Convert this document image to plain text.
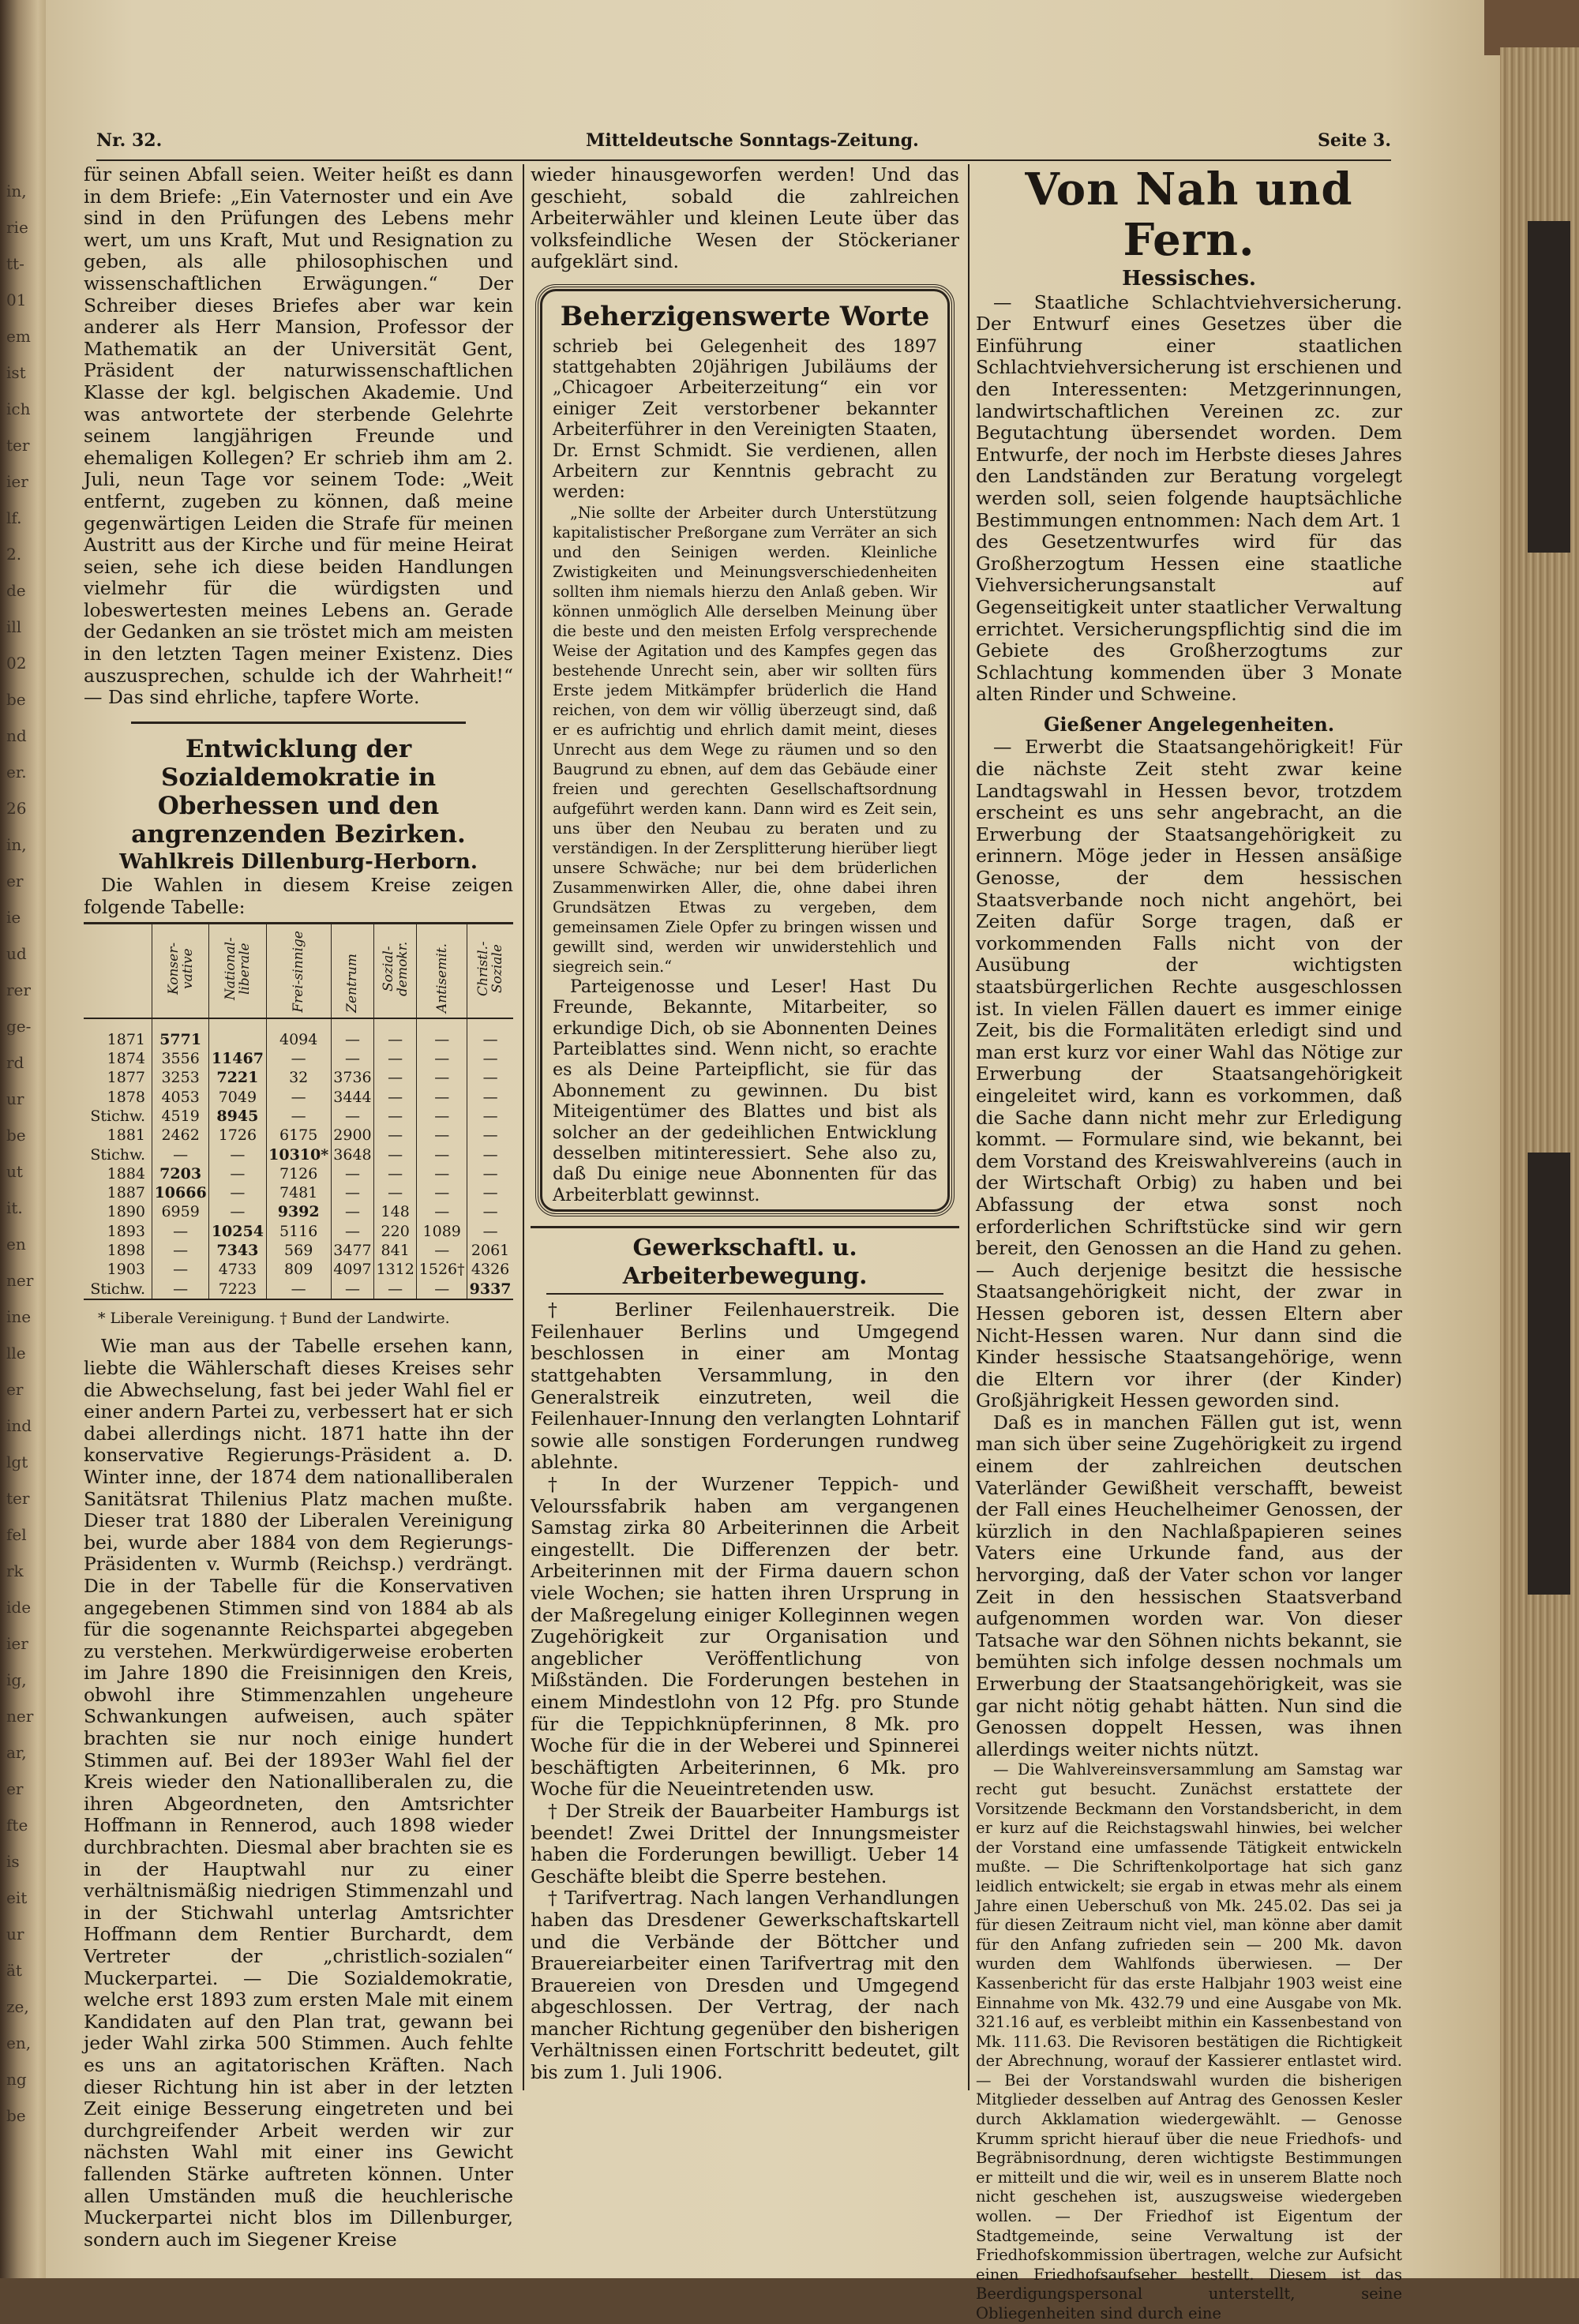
in,
rie
tt-
01
em
ist
ich
ter
ier
lf.
2.
de
ill
02
be
nd
er.
26
in,
er
ie
ud
rer
ge-
rd
ur
be
ut
it.
en
ner
ine
lle
er
ind
lgt
ter
fel
rk
ide
ier
ig,
ner
ar,
er
fte
is
eit
ur
ät
ze,
en,
ng
be
Nr. 32.	Mitteldeutsche Sonntags-Zeitung.	Seite 3.

für seinen Abfall seien. Weiter heißt es dann in dem Briefe: „Ein Vaternoster und ein Ave sind in den Prüfungen des Lebens mehr wert, um uns Kraft, Mut und Resignation zu geben, als alle philosophischen und wissenschaftlichen Erwägungen.“ Der Schreiber dieses Briefes aber war kein anderer als Herr Mansion, Professor der Mathematik an der Universität Gent, Präsident der naturwissenschaftlichen Klasse der kgl. belgischen Akademie. Und was antwortete der sterbende Gelehrte seinem langjährigen Freunde und ehemaligen Kollegen? Er schrieb ihm am 2. Juli, neun Tage vor seinem Tode: „Weit entfernt, zugeben zu können, daß meine gegenwärtigen Leiden die Strafe für meinen Austritt aus der Kirche und für meine Heirat seien, sehe ich diese beiden Handlungen vielmehr für die würdigsten und lobeswertesten meines Lebens an. Gerade der Gedanken an sie tröstet mich am meisten in den letzten Tagen meiner Existenz. Dies auszusprechen, schulde ich der Wahrheit!“ — Das sind ehrliche, tapfere Worte.

Entwicklung der Sozialdemokratie in Oberhessen und den angrenzenden Bezirken.
Wahlkreis Dillenburg-Herborn.

Die Wahlen in diesem Kreise zeigen folgende Tabelle:

	Konser-vative	National-liberale	Frei-sinnige	Zentrum	Sozial-demokr.	Antisemit.	Christl.-Soziale

1871	5771		4094	—	—	—	—
1874	3556	11467	—	—	—	—	—
1877	3253	7221	32	3736	—	—	—
1878	4053	7049	—	3444	—	—	—
Stichw.	4519	8945	—	—	—	—	—
1881	2462	1726	6175	2900	—	—	—
Stichw.	—	—	10310*	3648	—	—	—
1884	7203	—	7126	—	—	—	—
1887	10666	—	7481	—	—	—	—
1890	6959	—	9392	—	148	—	—
1893	—	10254	5116	—	220	1089	—
1898	—	7343	569	3477	841	—	2061
1903	—	4733	809	4097	1312	1526†	4326
Stichw.	—	7223	—	—	—	—	9337
* Liberale Vereinigung. † Bund der Landwirte.

Wie man aus der Tabelle ersehen kann, liebte die Wählerschaft dieses Kreises sehr die Abwechselung, fast bei jeder Wahl fiel er einer andern Partei zu, verbessert hat er sich dabei allerdings nicht. 1871 hatte ihn der konservative Regierungs-Präsident a. D. Winter inne, der 1874 dem nationalliberalen Sanitätsrat Thilenius Platz machen mußte. Dieser trat 1880 der Liberalen Vereinigung bei, wurde aber 1884 von dem Regierungs-Präsidenten v. Wurmb (Reichsp.) verdrängt. Die in der Tabelle für die Konservativen angegebenen Stimmen sind von 1884 ab als für die sogenannte Reichspartei abgegeben zu verstehen. Merkwürdigerweise eroberten im Jahre 1890 die Freisinnigen den Kreis, obwohl ihre Stimmenzahlen ungeheure Schwankungen aufweisen, auch später brachten sie nur noch einige hundert Stimmen auf. Bei der 1893er Wahl fiel der Kreis wieder den Nationalliberalen zu, die ihren Abgeordneten, den Amtsrichter Hoffmann in Rennerod, auch 1898 wieder durchbrachten. Diesmal aber brachten sie es in der Hauptwahl nur zu einer verhältnismäßig niedrigen Stimmenzahl und in der Stichwahl unterlag Amtsrichter Hoffmann dem Rentier Burchardt, dem Vertreter der „christlich-sozialen“ Muckerpartei. — Die Sozialdemokratie, welche erst 1893 zum ersten Male mit einem Kandidaten auf den Plan trat, gewann bei jeder Wahl zirka 500 Stimmen. Auch fehlte es uns an agitatorischen Kräften. Nach dieser Richtung hin ist aber in der letzten Zeit einige Besserung eingetreten und bei durchgreifender Arbeit werden wir zur nächsten Wahl mit einer ins Gewicht fallenden Stärke auftreten können. Unter allen Umständen muß die heuchlerische Muckerpartei nicht blos im Dillenburger, sondern auch im Siegener Kreise

wieder hinausgeworfen werden! Und das geschieht, sobald die zahlreichen Arbeiterwähler und kleinen Leute über das volksfeindliche Wesen der Stöckerianer aufgeklärt sind.

Beherzigenswerte Worte

schrieb bei Gelegenheit des 1897 stattgehabten 20jährigen Jubiläums der „Chicagoer Arbeiterzeitung“ ein vor einiger Zeit verstorbener bekannter Arbeiterführer in den Vereinigten Staaten, Dr. Ernst Schmidt. Sie verdienen, allen Arbeitern zur Kenntnis gebracht zu werden:

„Nie sollte der Arbeiter durch Unterstützung kapitalistischer Preßorgane zum Verräter an sich und den Seinigen werden. Kleinliche Zwistigkeiten und Meinungsverschiedenheiten sollten ihm niemals hierzu den Anlaß geben. Wir können unmöglich Alle derselben Meinung über die beste und den meisten Erfolg versprechende Weise der Agitation und des Kampfes gegen das bestehende Unrecht sein, aber wir sollten fürs Erste jedem Mitkämpfer brüderlich die Hand reichen, von dem wir völlig überzeugt sind, daß er es aufrichtig und ehrlich damit meint, dieses Unrecht aus dem Wege zu räumen und so den Baugrund zu ebnen, auf dem das Gebäude einer freien und gerechten Gesellschaftsordnung aufgeführt werden kann. Dann wird es Zeit sein, uns über den Neubau zu beraten und zu verständigen. In der Zersplitterung hierüber liegt unsere Schwäche; nur bei dem brüderlichen Zusammenwirken Aller, die, ohne dabei ihren Grundsätzen Etwas zu vergeben, dem gemeinsamen Ziele Opfer zu bringen wissen und gewillt sind, werden wir unwiderstehlich und siegreich sein.“

Parteigenosse und Leser! Hast Du Freunde, Bekannte, Mitarbeiter, so erkundige Dich, ob sie Abonnenten Deines Parteiblattes sind. Wenn nicht, so erachte es als Deine Parteipflicht, sie für das Abonnement zu gewinnen. Du bist Miteigentümer des Blattes und bist als solcher an der gedeihlichen Entwicklung desselben mitinteressiert. Sehe also zu, daß Du einige neue Abonnenten für das Arbeiterblatt gewinnst.

Gewerkschaftl. u. Arbeiterbewegung.

† Berliner Feilenhauerstreik. Die Feilenhauer Berlins und Umgegend beschlossen in einer am Montag stattgehabten Versammlung, in den Generalstreik einzutreten, weil die Feilenhauer-Innung den verlangten Lohntarif sowie alle sonstigen Forderungen rundweg ablehnte.

† In der Wurzener Teppich- und Velourssfabrik haben am vergangenen Samstag zirka 80 Arbeiterinnen die Arbeit eingestellt. Die Differenzen der betr. Arbeiterinnen mit der Firma dauern schon viele Wochen; sie hatten ihren Ursprung in der Maßregelung einiger Kolleginnen wegen Zugehörigkeit zur Organisation und angeblicher Veröffentlichung von Mißständen. Die Forderungen bestehen in einem Mindestlohn von 12 Pfg. pro Stunde für die Teppichknüpferinnen, 8 Mk. pro Woche für die in der Weberei und Spinnerei beschäftigten Arbeiterinnen, 6 Mk. pro Woche für die Neueintretenden usw.

† Der Streik der Bauarbeiter Hamburgs ist beendet! Zwei Drittel der Innungsmeister haben die Forderungen bewilligt. Ueber 14 Geschäfte bleibt die Sperre bestehen.

† Tarifvertrag. Nach langen Verhandlungen haben das Dresdener Gewerkschaftskartell und die Verbände der Böttcher und Brauereiarbeiter einen Tarifvertrag mit den Brauereien von Dresden und Umgegend abgeschlossen. Der Vertrag, der nach mancher Richtung gegenüber den bisherigen Verhältnissen einen Fortschritt bedeutet, gilt bis zum 1. Juli 1906.

Von Nah und Fern.
Hessisches.

— Staatliche Schlachtviehversicherung. Der Entwurf eines Gesetzes über die Einführung einer staatlichen Schlachtviehversicherung ist erschienen und den Interessenten: Metzgerinnungen, landwirtschaftlichen Vereinen zc. zur Begutachtung übersendet worden. Dem Entwurfe, der noch im Herbste dieses Jahres den Landständen zur Beratung vorgelegt werden soll, seien folgende hauptsächliche Bestimmungen entnommen: Nach dem Art. 1 des Gesetzentwurfes wird für das Großherzogtum Hessen eine staatliche Viehversicherungsanstalt auf Gegenseitigkeit unter staatlicher Verwaltung errichtet. Versicherungspflichtig sind die im Gebiete des Großherzogtums zur Schlachtung kommenden über 3 Monate alten Rinder und Schweine.

Gießener Angelegenheiten.

— Erwerbt die Staatsangehörigkeit! Für die nächste Zeit steht zwar keine Landtagswahl in Hessen bevor, trotzdem erscheint es uns sehr angebracht, an die Erwerbung der Staatsangehörigkeit zu erinnern. Möge jeder in Hessen ansäßige Genosse, der dem hessischen Staatsverbande noch nicht angehört, bei Zeiten dafür Sorge tragen, daß er vorkommenden Falls nicht von der Ausübung der wichtigsten staatsbürgerlichen Rechte ausgeschlossen ist. In vielen Fällen dauert es immer einige Zeit, bis die Formalitäten erledigt sind und man erst kurz vor einer Wahl das Nötige zur Erwerbung der Staatsangehörigkeit eingeleitet wird, kann es vorkommen, daß die Sache dann nicht mehr zur Erledigung kommt. — Formulare sind, wie bekannt, bei dem Vorstand des Kreiswahlvereins (auch in der Wirtschaft Orbig) zu haben und bei Abfassung der etwa sonst noch erforderlichen Schriftstücke sind wir gern bereit, den Genossen an die Hand zu gehen. — Auch derjenige besitzt die hessische Staatsangehörigkeit nicht, der zwar in Hessen geboren ist, dessen Eltern aber Nicht-Hessen waren. Nur dann sind die Kinder hessische Staatsangehörige, wenn die Eltern vor ihrer (der Kinder) Großjährigkeit Hessen geworden sind.

Daß es in manchen Fällen gut ist, wenn man sich über seine Zugehörigkeit zu irgend einem der zahlreichen deutschen Vaterländer Gewißheit verschafft, beweist der Fall eines Heuchelheimer Genossen, der kürzlich in den Nachlaßpapieren seines Vaters eine Urkunde fand, aus der hervorging, daß der Vater schon vor langer Zeit in den hessischen Staatsverband aufgenommen worden war. Von dieser Tatsache war den Söhnen nichts bekannt, sie bemühten sich infolge dessen nochmals um Erwerbung der Staatsangehörigkeit, was sie gar nicht nötig gehabt hätten. Nun sind die Genossen doppelt Hessen, was ihnen allerdings weiter nichts nützt.

— Die Wahlvereinsversammlung am Samstag war recht gut besucht. Zunächst erstattete der Vorsitzende Beckmann den Vorstandsbericht, in dem er kurz auf die Reichstagswahl hinwies, bei welcher der Vorstand eine umfassende Tätigkeit entwickeln mußte. — Die Schriftenkolportage hat sich ganz leidlich entwickelt; sie ergab in etwas mehr als einem Jahre einen Ueberschuß von Mk. 245.02. Das sei ja für diesen Zeitraum nicht viel, man könne aber damit für den Anfang zufrieden sein — 200 Mk. davon wurden dem Wahlfonds überwiesen. — Der Kassenbericht für das erste Halbjahr 1903 weist eine Einnahme von Mk. 432.79 und eine Ausgabe von Mk. 321.16 auf, es verbleibt mithin ein Kassenbestand von Mk. 111.63. Die Revisoren bestätigen die Richtigkeit der Abrechnung, worauf der Kassierer entlastet wird. — Bei der Vorstandswahl wurden die bisherigen Mitglieder desselben auf Antrag des Genossen Kesler durch Akklamation wiedergewählt. — Genosse Krumm spricht hierauf über die neue Friedhofs- und Begräbnisordnung, deren wichtigste Bestimmungen er mitteilt und die wir, weil es in unserem Blatte noch nicht geschehen ist, auszugsweise wiedergeben wollen. — Der Friedhof ist Eigentum der Stadtgemeinde, seine Verwaltung ist der Friedhofskommission übertragen, welche zur Aufsicht einen Friedhofsaufseher bestellt. Diesem ist das Beerdigungspersonal unterstellt, seine Obliegenheiten sind durch eine
